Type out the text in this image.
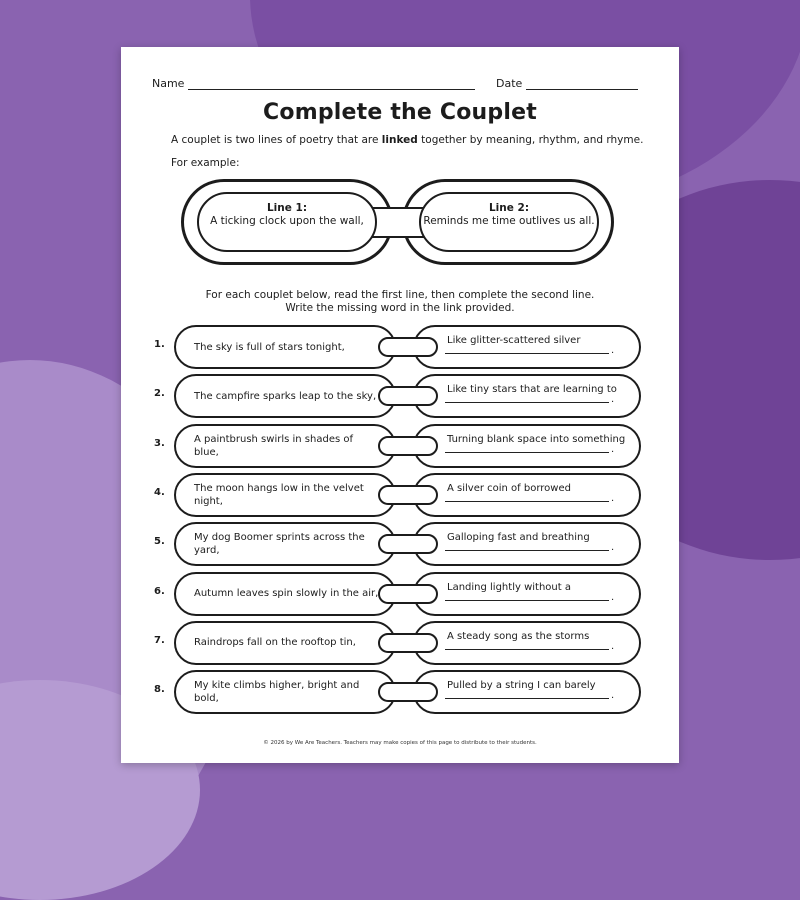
Name	Date
Complete the Couplet
A couplet is two lines of poetry that are linked together by meaning, rhythm, and rhyme.
For example:
Line 1:
A ticking clock upon the wall,
Line 2:
Reminds me time outlives us all.
For each couplet below, read the first line, then complete the second line.
Write the missing word in the link provided.
1.	The sky is full of stars tonight,
Like glitter-scattered silver
.
2.	The campfire sparks leap to the sky,
Like tiny stars that are learning to
.
3.	A paintbrush swirls in shades of blue,
Turning blank space into something
.
4.	The moon hangs low in the velvet night,
A silver coin of borrowed
.
5.	My dog Boomer sprints across the yard,
Galloping fast and breathing
.
6.	Autumn leaves spin slowly in the air,
Landing lightly without a
.
7.	Raindrops fall on the rooftop tin,
A steady song as the storms
.
8.	My kite climbs higher, bright and bold,
Pulled by a string I can barely
.
© 2026 by We Are Teachers. Teachers may make copies of this page to distribute to their students.
